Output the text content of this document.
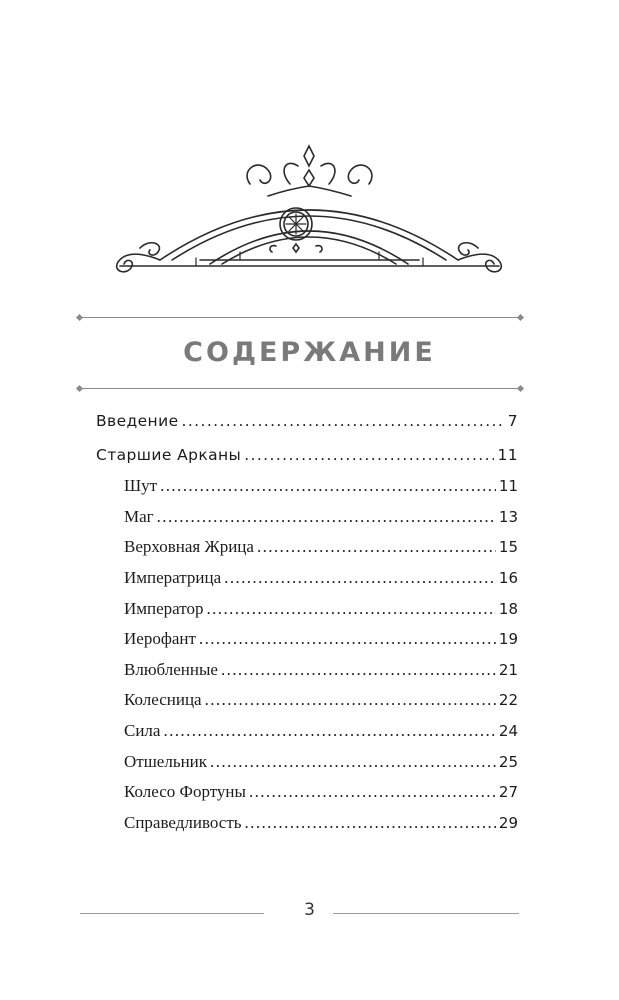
СОДЕРЖАНИЕ
Введение .....	7
Старшие Арканы .....	11
Шут .....	11
Маг .....	13
Верховная Жрица .....	15
Императрица .....	16
Император .....	18
Иерофант .....	19
Влюбленные .....	21
Колесница .....	22
Сила .....	24
Отшельник .....	25
Колесо Фортуны .....	27
Справедливость .....	29
3
